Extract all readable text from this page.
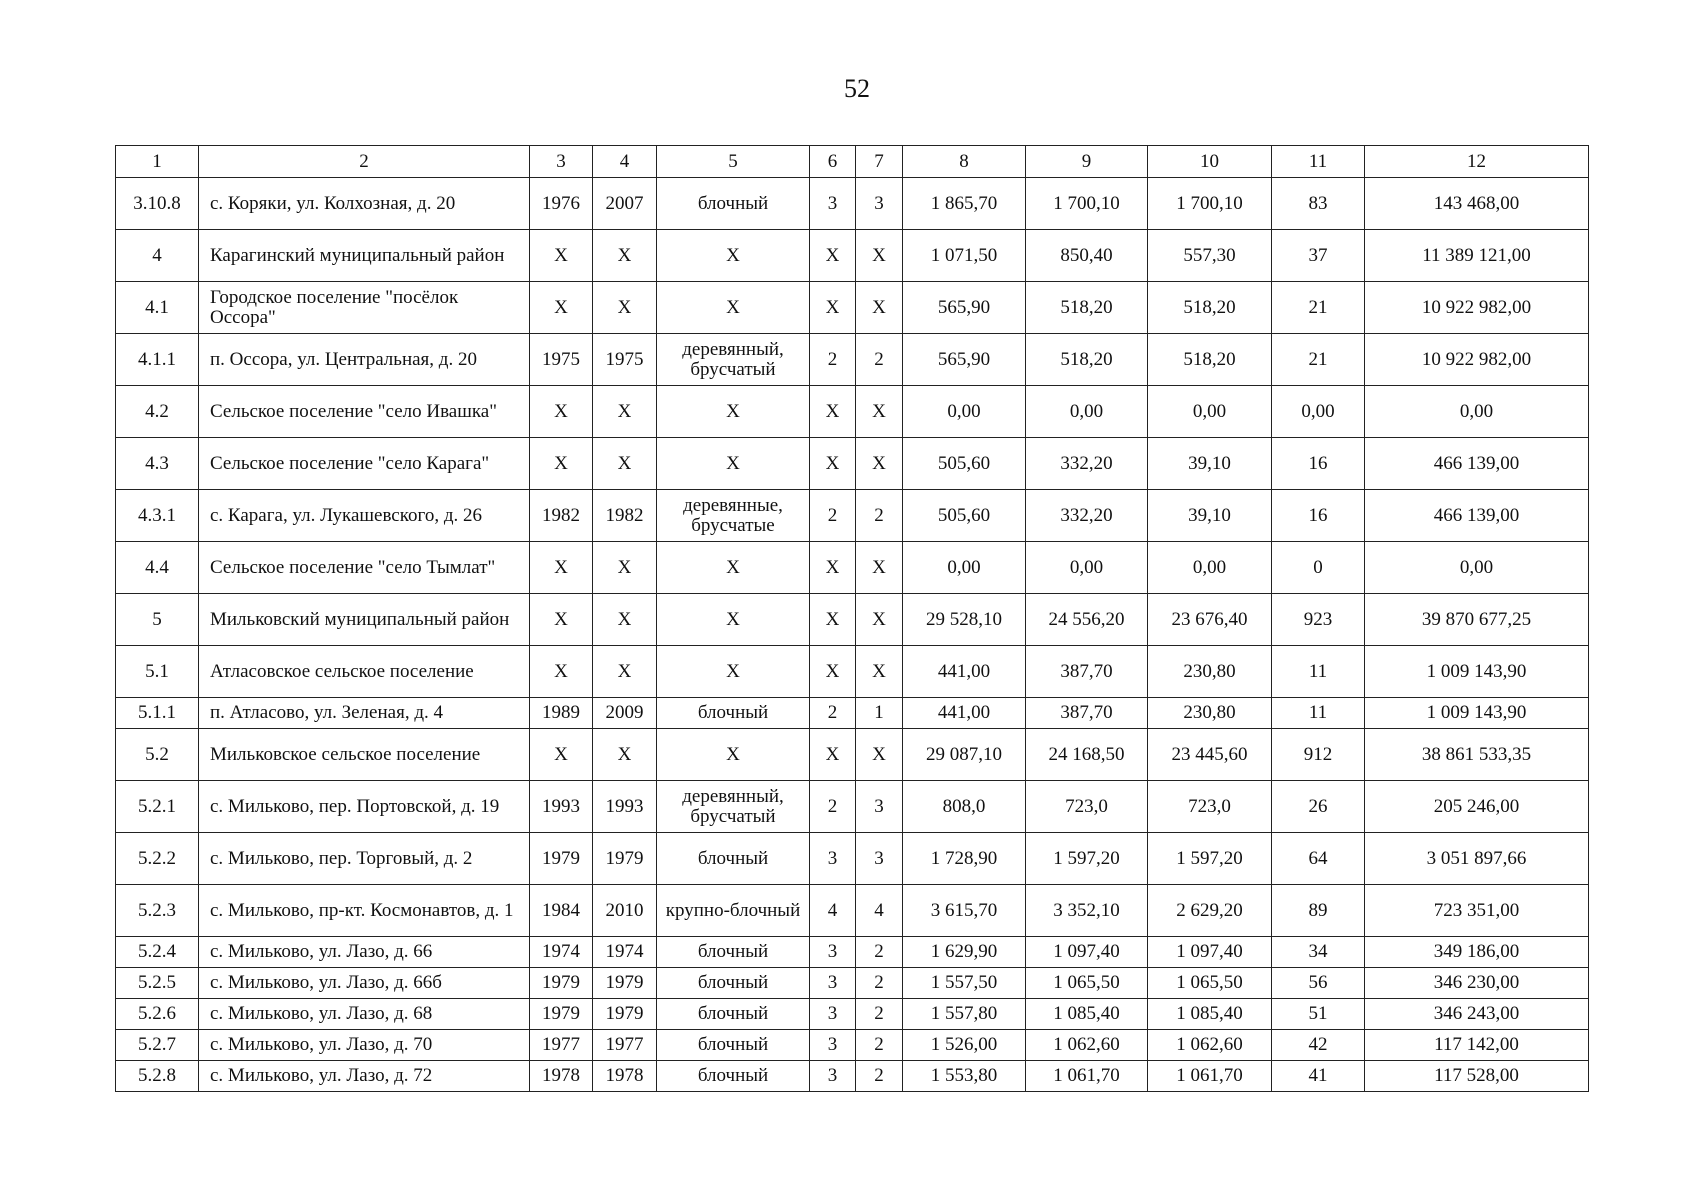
52
1	2	3	4	5	6	7	8	9	10	11	12
3.10.8	с. Коряки, ул. Колхозная, д. 20	1976	2007	блочный	3	3	1 865,70	1 700,10	1 700,10	83	143 468,00
4	Карагинский муниципальный район	Х	Х	Х	Х	Х	1 071,50	850,40	557,30	37	11 389 121,00
4.1	Городское поселение "посёлок Оссора"	Х	Х	Х	Х	Х	565,90	518,20	518,20	21	10 922 982,00
4.1.1	п. Оссора, ул. Центральная, д. 20	1975	1975	деревянный, брусчатый	2	2	565,90	518,20	518,20	21	10 922 982,00
4.2	Сельское поселение "село Ивашка"	Х	Х	Х	Х	Х	0,00	0,00	0,00	0,00	0,00
4.3	Сельское поселение "село Карага"	Х	Х	Х	Х	Х	505,60	332,20	39,10	16	466 139,00
4.3.1	с. Карага, ул. Лукашевского, д. 26	1982	1982	деревянные, брусчатые	2	2	505,60	332,20	39,10	16	466 139,00
4.4	Сельское поселение "село Тымлат"	Х	Х	Х	Х	Х	0,00	0,00	0,00	0	0,00
5	Мильковский муниципальный район	Х	Х	Х	Х	Х	29 528,10	24 556,20	23 676,40	923	39 870 677,25
5.1	Атласовское сельское поселение	Х	Х	Х	Х	Х	441,00	387,70	230,80	11	1 009 143,90
5.1.1	п. Атласово, ул. Зеленая, д. 4	1989	2009	блочный	2	1	441,00	387,70	230,80	11	1 009 143,90
5.2	Мильковское сельское поселение	Х	Х	Х	Х	Х	29 087,10	24 168,50	23 445,60	912	38 861 533,35
5.2.1	с. Мильково, пер. Портовской, д. 19	1993	1993	деревянный, брусчатый	2	3	808,0	723,0	723,0	26	205 246,00
5.2.2	с. Мильково, пер. Торговый, д. 2	1979	1979	блочный	3	3	1 728,90	1 597,20	1 597,20	64	3 051 897,66
5.2.3	с. Мильково, пр-кт. Космонавтов, д. 1	1984	2010	крупно-блочный	4	4	3 615,70	3 352,10	2 629,20	89	723 351,00
5.2.4	с. Мильково, ул. Лазо, д. 66	1974	1974	блочный	3	2	1 629,90	1 097,40	1 097,40	34	349 186,00
5.2.5	с. Мильково, ул. Лазо, д. 66б	1979	1979	блочный	3	2	1 557,50	1 065,50	1 065,50	56	346 230,00
5.2.6	с. Мильково, ул. Лазо, д. 68	1979	1979	блочный	3	2	1 557,80	1 085,40	1 085,40	51	346 243,00
5.2.7	с. Мильково, ул. Лазо, д. 70	1977	1977	блочный	3	2	1 526,00	1 062,60	1 062,60	42	117 142,00
5.2.8	с. Мильково, ул. Лазо, д. 72	1978	1978	блочный	3	2	1 553,80	1 061,70	1 061,70	41	117 528,00
